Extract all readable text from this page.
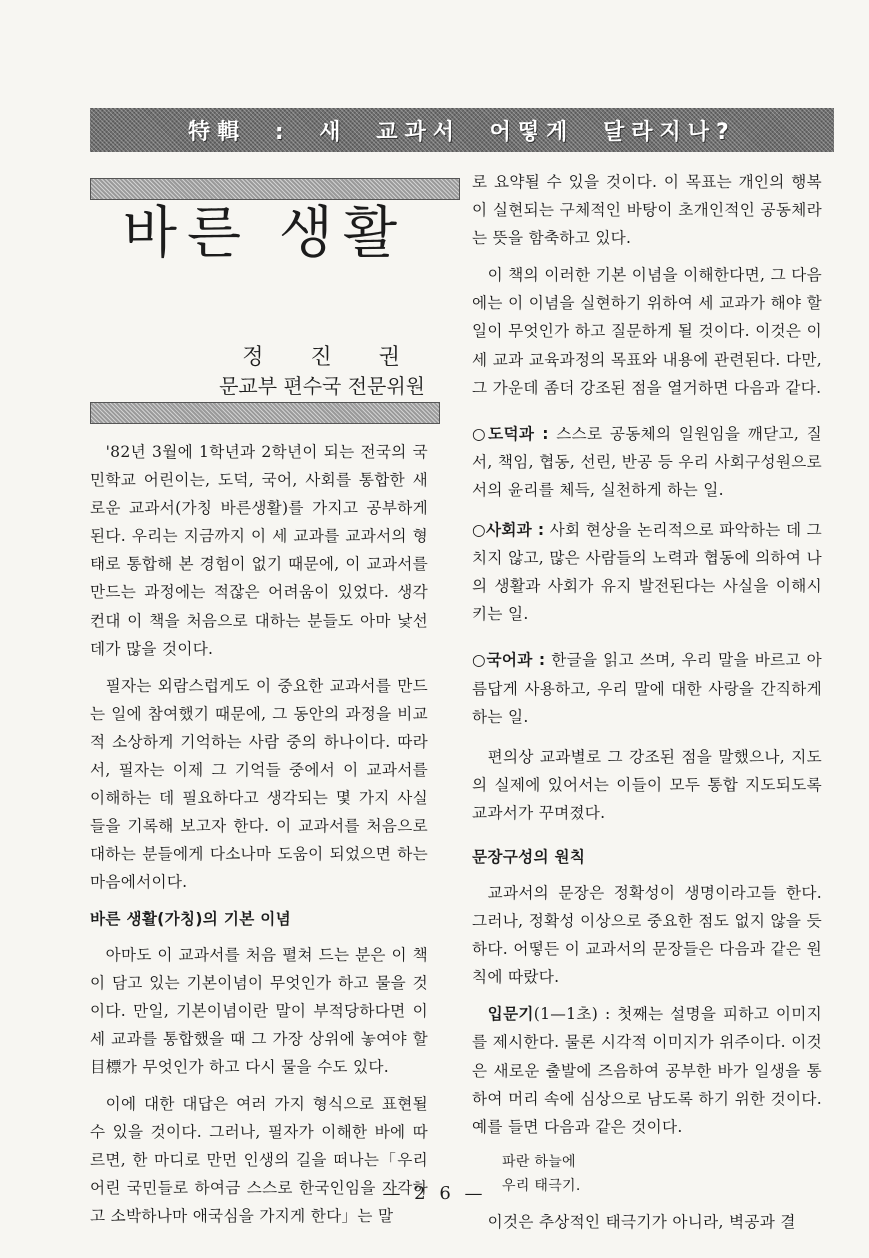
特輯 : 새 교과서 어떻게 달라지나?
바른 생활
정 진 권
문교부 편수국 전문위원

'82년 3월에 1학년과 2학년이 되는 전국의 국민학교 어린이는, 도덕, 국어, 사회를 통합한 새로운 교과서(가칭 바른생활)를 가지고 공부하게 된다. 우리는 지금까지 이 세 교과를 교과서의 형태로 통합해 본 경험이 없기 때문에, 이 교과서를 만드는 과정에는 적잖은 어려움이 있었다. 생각컨대 이 책을 처음으로 대하는 분들도 아마 낯선 데가 많을 것이다.

필자는 외람스럽게도 이 중요한 교과서를 만드는 일에 참여했기 때문에, 그 동안의 과정을 비교적 소상하게 기억하는 사람 중의 하나이다. 따라서, 필자는 이제 그 기억들 중에서 이 교과서를 이해하는 데 필요하다고 생각되는 몇 가지 사실들을 기록해 보고자 한다. 이 교과서를 처음으로 대하는 분들에게 다소나마 도움이 되었으면 하는 마음에서이다.

바른 생활(가칭)의 기본 이념

아마도 이 교과서를 처음 펼쳐 드는 분은 이 책이 담고 있는 기본이념이 무엇인가 하고 물을 것이다. 만일, 기본이념이란 말이 부적당하다면 이 세 교과를 통합했을 때 그 가장 상위에 놓여야 할 目標가 무엇인가 하고 다시 물을 수도 있다.

이에 대한 대답은 여러 가지 형식으로 표현될 수 있을 것이다. 그러나, 필자가 이해한 바에 따르면, 한 마디로 만먼 인생의 길을 떠나는「우리 어린 국민들로 하여금 스스로 한국인임을 자각하고 소박하나마 애국심을 가지게 한다」는 말

로 요약될 수 있을 것이다. 이 목표는 개인의 행복이 실현되는 구체적인 바탕이 초개인적인 공동체라는 뜻을 함축하고 있다.

이 책의 이러한 기본 이념을 이해한다면, 그 다음에는 이 이념을 실현하기 위하여 세 교과가 해야 할 일이 무엇인가 하고 질문하게 될 것이다. 이것은 이 세 교과 교육과정의 목표와 내용에 관련된다. 다만, 그 가운데 좀더 강조된 점을 열거하면 다음과 같다.

○도덕과 : 스스로 공동체의 일원임을 깨닫고, 질서, 책임, 협동, 선린, 반공 등 우리 사회구성원으로서의 윤리를 체득, 실천하게 하는 일.

○사회과 : 사회 현상을 논리적으로 파악하는 데 그치지 않고, 많은 사람들의 노력과 협동에 의하여 나의 생활과 사회가 유지 발전된다는 사실을 이해시키는 일.

○국어과 : 한글을 읽고 쓰며, 우리 말을 바르고 아름답게 사용하고, 우리 말에 대한 사랑을 간직하게 하는 일.

편의상 교과별로 그 강조된 점을 말했으나, 지도의 실제에 있어서는 이들이 모두 통합 지도되도록 교과서가 꾸며졌다.

문장구성의 원칙

교과서의 문장은 정확성이 생명이라고들 한다. 그러나, 정확성 이상으로 중요한 점도 없지 않을 듯하다. 어떻든 이 교과서의 문장들은 다음과 같은 원칙에 따랐다.

입문기(1—1초) : 첫째는 설명을 피하고 이미지를 제시한다. 물론 시각적 이미지가 위주이다. 이것은 새로운 출발에 즈음하여 공부한 바가 일생을 통하여 머리 속에 심상으로 남도록 하기 위한 것이다. 예를 들면 다음과 같은 것이다.

파란 하늘에
우리 태극기.

이것은 추상적인 태극기가 아니라, 벽공과 결

— 2 6 —
